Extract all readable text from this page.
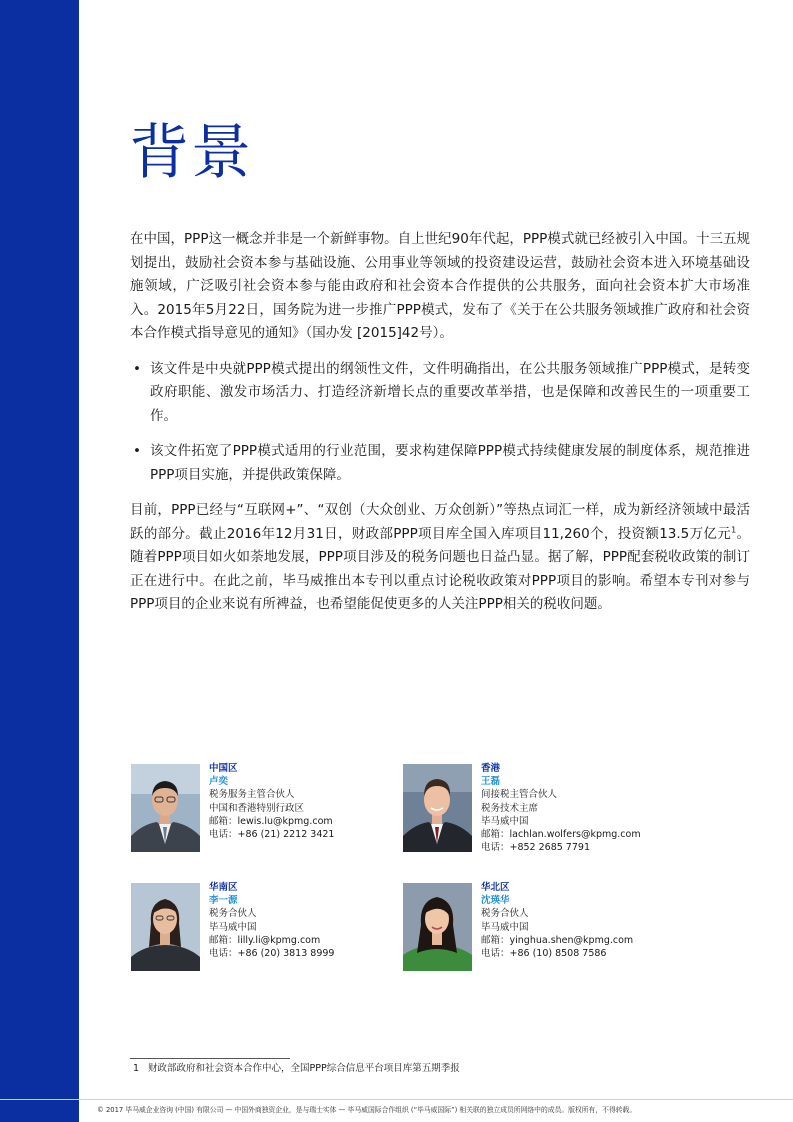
背景

在中国，PPP这一概念并非是一个新鲜事物。自上世纪90年代起，PPP模式就已经被引入中国。十三五规划提出，鼓励社会资本参与基础设施、公用事业等领域的投资建设运营，鼓励社会资本进入环境基础设施领域，广泛吸引社会资本参与能由政府和社会资本合作提供的公共服务，面向社会资本扩大市场准入。2015年5月22日，国务院为进一步推广PPP模式，发布了《关于在公共服务领域推广政府和社会资本合作模式指导意见的通知》（国办发 [2015]42号）。

• 该文件是中央就PPP模式提出的纲领性文件，文件明确指出，在公共服务领域推广PPP模式，是转变政府职能、激发市场活力、打造经济新增长点的重要改革举措，也是保障和改善民生的一项重要工作。
• 该文件拓宽了PPP模式适用的行业范围，要求构建保障PPP模式持续健康发展的制度体系，规范推进PPP项目实施，并提供政策保障。

目前，PPP已经与“互联网+”、“双创（大众创业、万众创新）”等热点词汇一样，成为新经济领域中最活跃的部分。截止2016年12月31日，财政部PPP项目库全国入库项目11,260个，投资额13.5万亿元$^1$。随着PPP项目如火如荼地发展，PPP项目涉及的税务问题也日益凸显。据了解，PPP配套税收政策的制订正在进行中。在此之前，毕马威推出本专刊以重点讨论税收政策对PPP项目的影响。希望本专刊对参与PPP项目的企业来说有所裨益，也希望能促使更多的人关注PPP相关的税收问题。

中国区
卢奕
税务服务主管合伙人
中国和香港特别行政区
邮箱：lewis.lu@kpmg.com
电话：+86 (21) 2212 3421
香港
王磊
间接税主管合伙人
税务技术主席
毕马威中国
邮箱：lachlan.wolfers@kpmg.com
电话：+852 2685 7791
华南区
李一源
税务合伙人
毕马威中国
邮箱：lilly.li@kpmg.com
电话：+86 (20) 3813 8999
华北区
沈瑛华
税务合伙人
毕马威中国
邮箱：yinghua.shen@kpmg.com
电话：+86 (10) 8508 7586
1 财政部政府和社会资本合作中心，全国PPP综合信息平台项目库第五期季报
© 2017 毕马威企业咨询 (中国) 有限公司 — 中国外商独资企业，是与瑞士实体 — 毕马威国际合作组织 (“毕马威国际”) 相关联的独立成员所网络中的成员。版权所有，不得转载。
